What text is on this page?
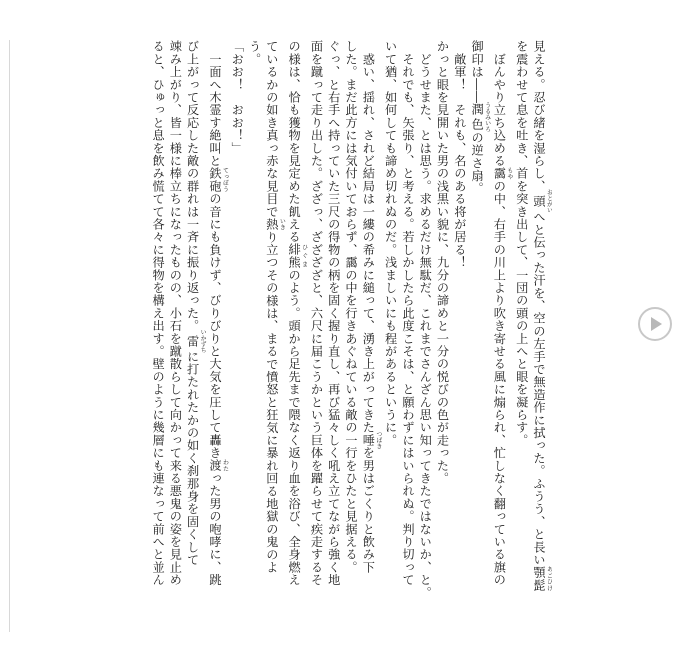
見える。忍び緒を湿らし、頭 おとがいへと伝った汗を、空の左手で無造作に拭った。ふうう、と長い顎髭 あごひげ
を震わせて息を吐き、首を突き出して、一団の頭の上へと眼を凝らす。
　ぼんやり立ち込める靄 もやの中、右手の川上より吹き寄せる風に煽られ、忙しなく翻っている旗の
御印は――潤色 うるみいろの逆さ扇。
　敵軍！　それも、名のある将が居る！
かっと眼を見開いた男の浅黒い貌に、九分の諦めと一分の悦びの色が走った。
　どうせまた、とは思う。求めるだけ無駄だ、これまでさんざん思い知ってきたではないか、と。
　それでも、矢張り、と考える。若しかしたら此度こそは、と願わずにはいられぬ。判り切って
いて猶、如何しても諦め切れぬのだ。浅ましいにも程があるというに。
　惑い、揺れ、されど結局は一縷の希みに縋って、湧き上がってきた唾 つばきを男はごくりと飲み下
した。まだ此方には気付いておらず、靄の中を行きあぐねている敵の一行をひたと見据える。
ぐっ、と右手へ持っていた三尺の得物の柄を固く握り直し、再び猛々しく吼え立てながら強く地
面を蹴って走り出した。ざざっ、ざざざざと、六尺に届こうかという巨体を躍らせて疾走するそ
の様は、恰も獲物を見定めた飢える緋熊 ひぐまのよう。頭から足先まで隈なく返り血を浴び、全身燃え
ているかの如き真っ赤な見目で熱 いきり立つその様は、まるで憤怒と狂気に暴れ回る地獄の鬼のよ
う。
「おお！　おお！」
　一面へ木霊す絶叫と鉄砲 てっぽうの音にも負けず、びりびりと大気を圧して轟き渡 わたった男の咆哮に、跳
び上がって反応した敵の群れは一斉に振り返った。雷 いかずちに打たれたかの如く刹那身を固くして
竦み上がり、皆一様に棒立ちになったものの、小石を蹴散らして向かって来る悪鬼の姿を見止め
ると、ひゅっと息を飲み慌てて各々に得物を構え出す。壁のように幾層にも連なって前へと並ん
